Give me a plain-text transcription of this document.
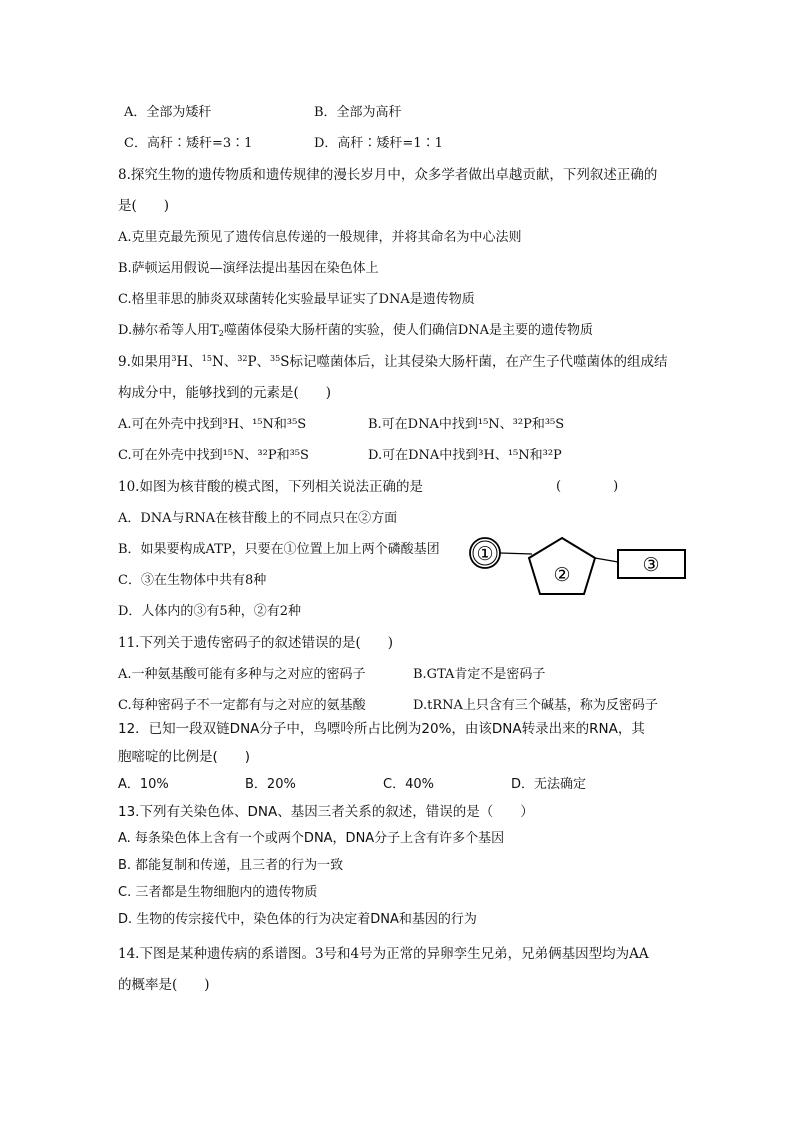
A．全部为矮秆	B．全部为高秆
C．高秆∶矮秆=3∶1	D．高秆∶矮秆=1∶1
8.探究生物的遗传物质和遗传规律的漫长岁月中，众多学者做出卓越贡献，下列叙述正确的
是(　　)
A.克里克最先预见了遗传信息传递的一般规律，并将其命名为中心法则
B.萨顿运用假说—演绎法提出基因在染色体上
C.格里菲思的肺炎双球菌转化实验最早证实了DNA是遗传物质
D.赫尔希等人用$T_2$噬菌体侵染大肠杆菌的实验，使人们确信DNA是主要的遗传物质
9.如果用$^3$H、$^{15}$N、$^{32}$P、$^{35}$S标记噬菌体后，让其侵染大肠杆菌，在产生子代噬菌体的组成结
构成分中，能够找到的元素是(　　)
A.可在外壳中找到³H、¹⁵N和³⁵S	B.可在DNA中找到¹⁵N、³²P和³⁵S
C.可在外壳中找到¹⁵N、³²P和³⁵S	D.可在DNA中找到³H、¹⁵N和³²P
10.如图为核苷酸的模式图，下列相关说法正确的是	(　　　　)
A．DNA与RNA在核苷酸上的不同点只在②方面
B．如果要构成ATP，只要在①位置上加上两个磷酸基团
C．③在生物体中共有8种
D．人体内的③有5种，②有2种
①
②	③
11.下列关于遗传密码子的叙述错误的是(　　)
A.一种氨基酸可能有多种与之对应的密码子	B.GTA肯定不是密码子
C.每种密码子不一定都有与之对应的氨基酸	D.tRNA上只含有三个碱基，称为反密码子
12．已知一段双链DNA分子中，鸟嘌呤所占比例为20%，由该DNA转录出来的RNA，其
胞嘧啶的比例是(　　)
A．10%	B．20%	C．40%	D．无法确定
13.下列有关染色体、DNA、基因三者关系的叙述，错误的是（　　）
A. 每条染色体上含有一个或两个DNA，DNA分子上含有许多个基因
B. 都能复制和传递，且三者的行为一致
C. 三者都是生物细胞内的遗传物质
D. 生物的传宗接代中，染色体的行为决定着DNA和基因的行为
14.下图是某种遗传病的系谱图。3号和4号为正常的异卵孪生兄弟，兄弟俩基因型均为AA
的概率是(　　)
